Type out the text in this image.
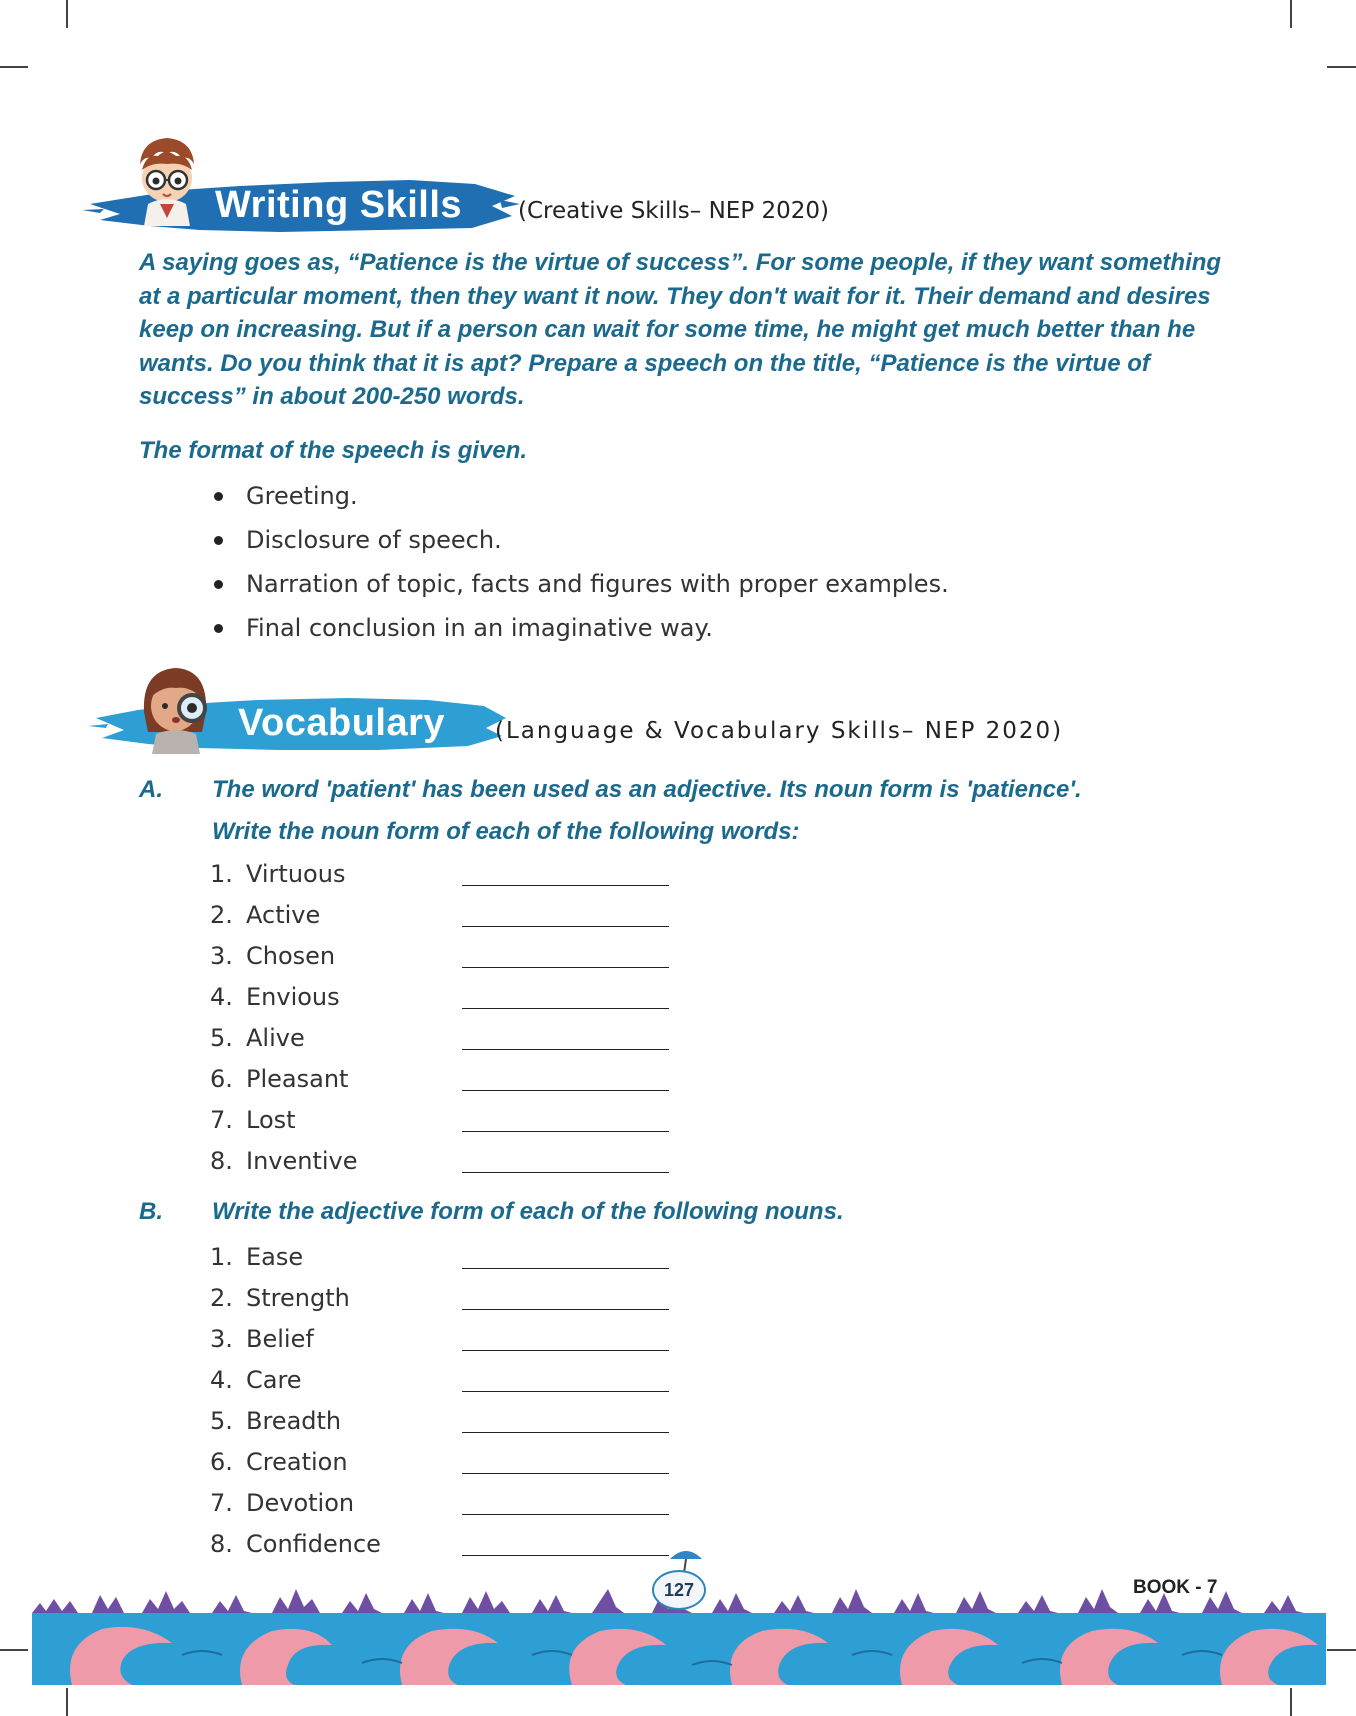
Writing Skills (Creative Skills– NEP 2020)

A saying goes as, “Patience is the virtue of success”. For some people, if they want something at a particular moment, then they want it now. They don't wait for it. Their demand and desires keep on increasing. But if a person can wait for some time, he might get much better than he wants. Do you think that it is apt? Prepare a speech on the title, “Patience is the virtue of success” in about 200-250 words.

The format of the speech is given.

Greeting.
Disclosure of speech.
Narration of topic, facts and figures with proper examples.
Final conclusion in an imaginative way.
Vocabulary (Language & Vocabulary Skills– NEP 2020)
A. The word 'patient' has been used as an adjective. Its noun form is 'patience'.

Write the noun form of each of the following words:

1. Virtuous
2. Active
3. Chosen
4. Envious
5. Alive
6. Pleasant
7. Lost
8. Inventive
B. Write the adjective form of each of the following nouns.

1. Ease
2. Strength
3. Belief
4. Care
5. Breadth
6. Creation
7. Devotion
8. Confidence
127	BOOK - 7
